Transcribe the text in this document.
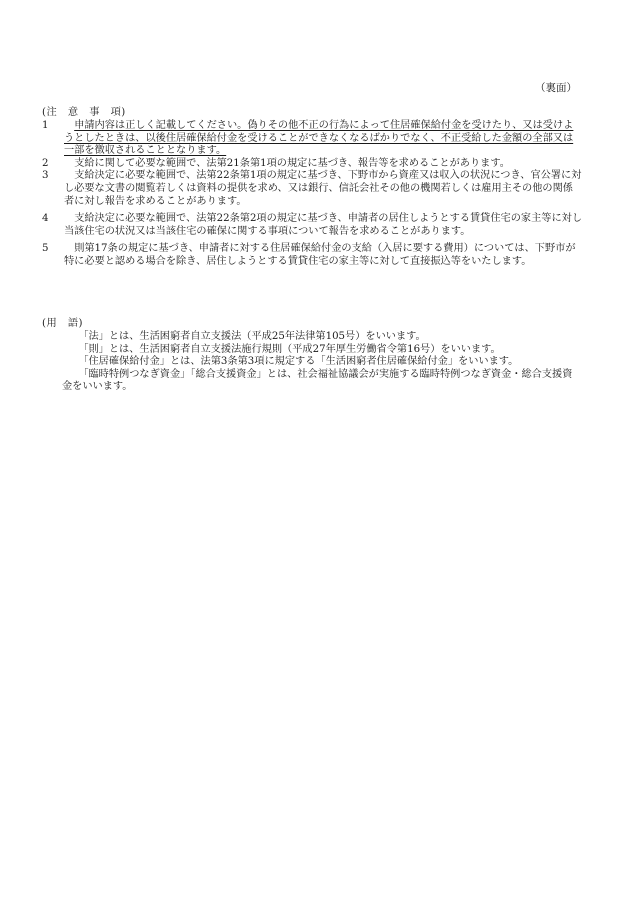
（裏面）
(注　意　事　項)
1	申請内容は正しく記載してください。偽りその他不正の行為によって住居確保給付金を受けたり、又は受けようとしたときは、以後住居確保給付金を受けることができなくなるばかりでなく、不正受給した金額の全部又は一部を徴収されることとなります。
2	支給に関して必要な範囲で、法第21条第1項の規定に基づき、報告等を求めることがあります。
3	支給決定に必要な範囲で、法第22条第1項の規定に基づき、下野市から資産又は収入の状況につき、官公署に対し必要な文書の閲覧若しくは資料の提供を求め、又は銀行、信託会社その他の機関若しくは雇用主その他の関係者に対し報告を求めることがあります。
4	支給決定に必要な範囲で、法第22条第2項の規定に基づき、申請者の居住しようとする賃貸住宅の家主等に対し当該住宅の状況又は当該住宅の確保に関する事項について報告を求めることがあります。
5	則第17条の規定に基づき、申請者に対する住居確保給付金の支給（入居に要する費用）については、下野市が特に必要と認める場合を除き、居住しようとする賃貸住宅の家主等に対して直接振込等をいたします。
(用　語)
「法」とは、生活困窮者自立支援法（平成25年法律第105号）をいいます。
「則」とは、生活困窮者自立支援法施行規則（平成27年厚生労働省令第16号）をいいます。
「住居確保給付金」とは、法第3条第3項に規定する「生活困窮者住居確保給付金」をいいます。
「臨時特例つなぎ資金」「総合支援資金」とは、社会福祉協議会が実施する臨時特例つなぎ資金・総合支援資金をいいます。
